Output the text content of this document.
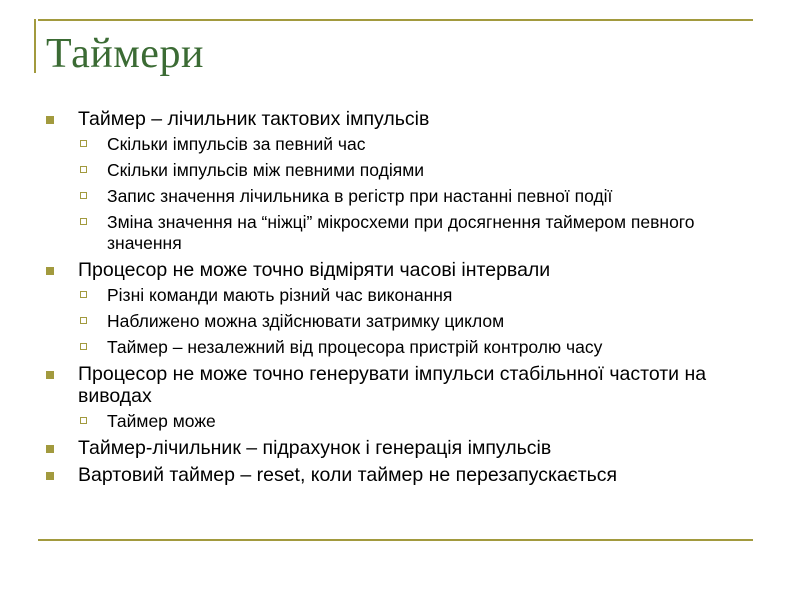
Таймери
Таймер – лічильник тактових імпульсів
Скільки імпульсів за певний час
Скільки імпульсів між певними подіями
Запис значення лічильника в регістр при настанні певної події
Зміна значення на “ніжці” мікросхеми при досягнення таймером певного значення
Процесор не може точно відміряти часові інтервали
Різні команди мають різний час виконання
Наближено можна здійснювати затримку циклом
Таймер – незалежний від процесора пристрій контролю часу
Процесор не може точно генерувати імпульси стабільнної частоти на виводах
Таймер може
Таймер-лічильник – підрахунок і генерація імпульсів
Вартовий таймер – reset, коли таймер не перезапускається
